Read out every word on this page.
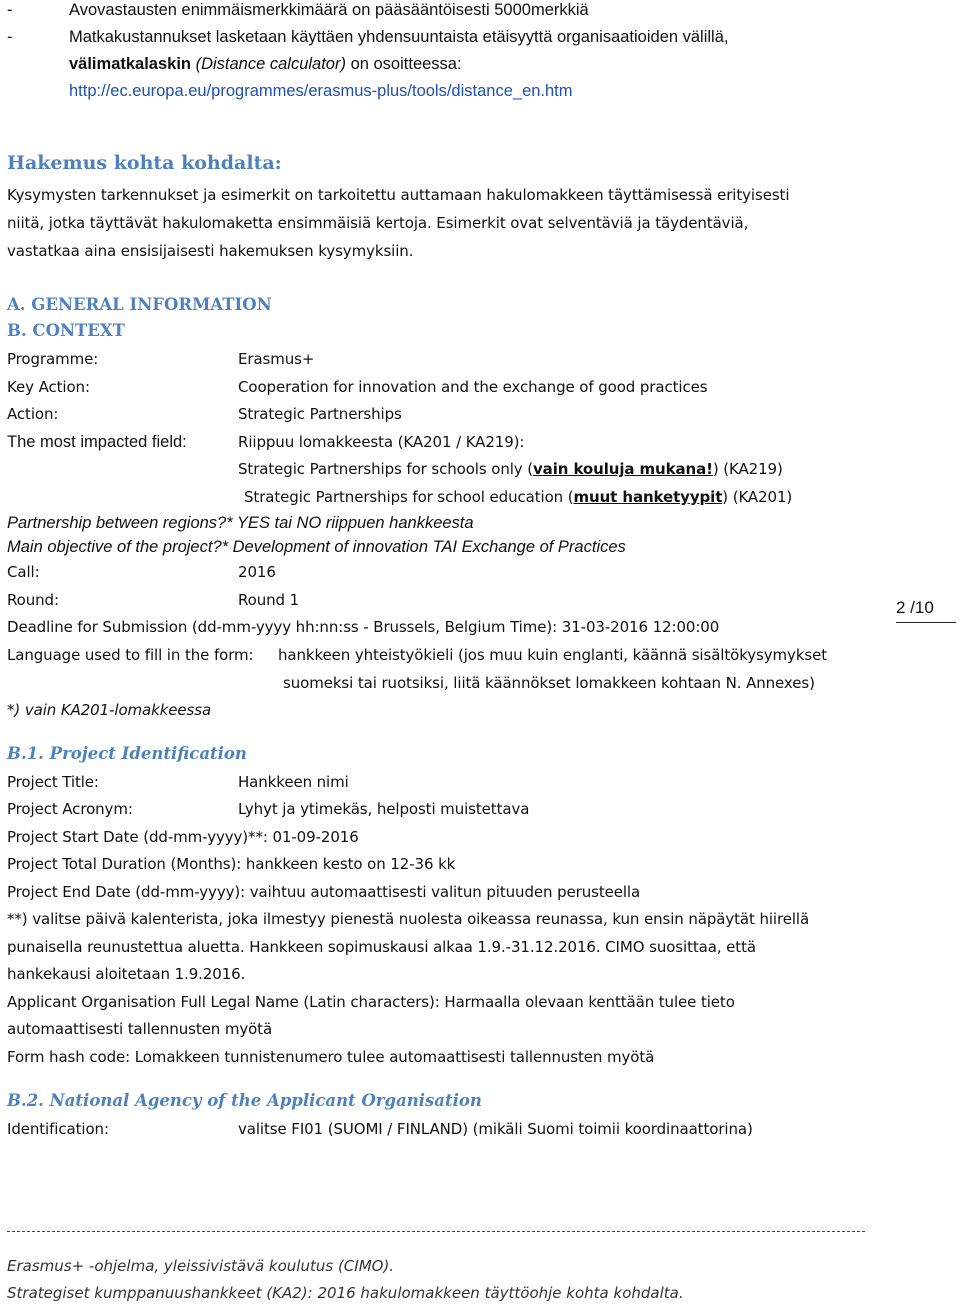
-	Avovastausten enimmäismerkkimäärä on pääsääntöisesti 5000merkkiä
-	Matkakustannukset lasketaan käyttäen yhdensuuntaista etäisyyttä organisaatioiden välillä,
välimatkalaskin (Distance calculator) on osoitteessa:
http://ec.europa.eu/programmes/erasmus-plus/tools/distance_en.htm
Hakemus kohta kohdalta:
Kysymysten tarkennukset ja esimerkit on tarkoitettu auttamaan hakulomakkeen täyttämisessä erityisesti
niitä, jotka täyttävät hakulomaketta ensimmäisiä kertoja. Esimerkit ovat selventäviä ja täydentäviä,
vastatkaa aina ensisijaisesti hakemuksen kysymyksiin.
A. GENERAL INFORMATION
B. CONTEXT
Programme:	Erasmus+
Key Action:	Cooperation for innovation and the exchange of good practices
Action:	Strategic Partnerships
The most impacted field:	Riippuu lomakkeesta (KA201 / KA219):
Strategic Partnerships for schools only (vain kouluja mukana!) (KA219)
Strategic Partnerships for school education (muut hanketyypit) (KA201)
Partnership between regions?* YES tai NO riippuen hankkeesta
Main objective of the project?* Development of innovation TAI Exchange of Practices
Call:	2016
Round:	Round 1
Deadline for Submission (dd-mm-yyyy hh:nn:ss - Brussels, Belgium Time): 31-03-2016 12:00:00
Language used to fill in the form: hankkeen yhteistyökieli (jos muu kuin englanti, käännä sisältökysymykset
suomeksi tai ruotsiksi, liitä käännökset lomakkeen kohtaan N. Annexes)
*) vain KA201-lomakkeessa
2 /10
B.1. Project Identification
Project Title:	Hankkeen nimi
Project Acronym:	Lyhyt ja ytimekäs, helposti muistettava
Project Start Date (dd-mm-yyyy)**: 01-09-2016
Project Total Duration (Months): hankkeen kesto on 12-36 kk
Project End Date (dd-mm-yyyy): vaihtuu automaattisesti valitun pituuden perusteella
**) valitse päivä kalenterista, joka ilmestyy pienestä nuolesta oikeassa reunassa, kun ensin näpäytät hiirellä
punaisella reunustettua aluetta. Hankkeen sopimuskausi alkaa 1.9.-31.12.2016. CIMO suosittaa, että
hankekausi aloitetaan 1.9.2016.
Applicant Organisation Full Legal Name (Latin characters): Harmaalla olevaan kenttään tulee tieto
automaattisesti tallennusten myötä
Form hash code: Lomakkeen tunnistenumero tulee automaattisesti tallennusten myötä
B.2. National Agency of the Applicant Organisation
Identification:	valitse FI01 (SUOMI / FINLAND) (mikäli Suomi toimii koordinaattorina)
Erasmus+ -ohjelma, yleissivistävä koulutus (CIMO).
Strategiset kumppanuushankkeet (KA2): 2016 hakulomakkeen täyttöohje kohta kohdalta.
